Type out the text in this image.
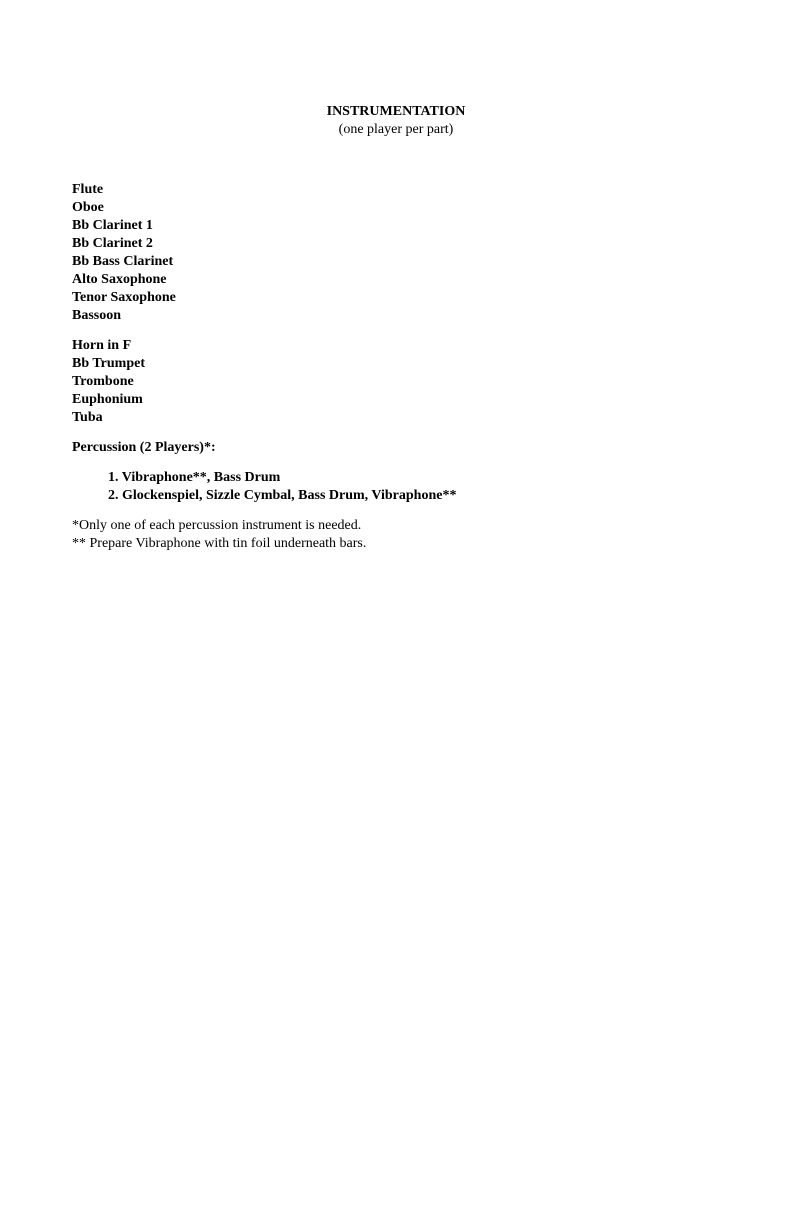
INSTRUMENTATION
(one player per part)
Flute
Oboe
Bb Clarinet 1
Bb Clarinet 2
Bb Bass Clarinet
Alto Saxophone
Tenor Saxophone
Bassoon
Horn in F
Bb Trumpet
Trombone
Euphonium
Tuba
Percussion (2 Players)*:
1. Vibraphone**, Bass Drum
2. Glockenspiel, Sizzle Cymbal, Bass Drum, Vibraphone**

*Only one of each percussion instrument is needed.

** Prepare Vibraphone with tin foil underneath bars.
